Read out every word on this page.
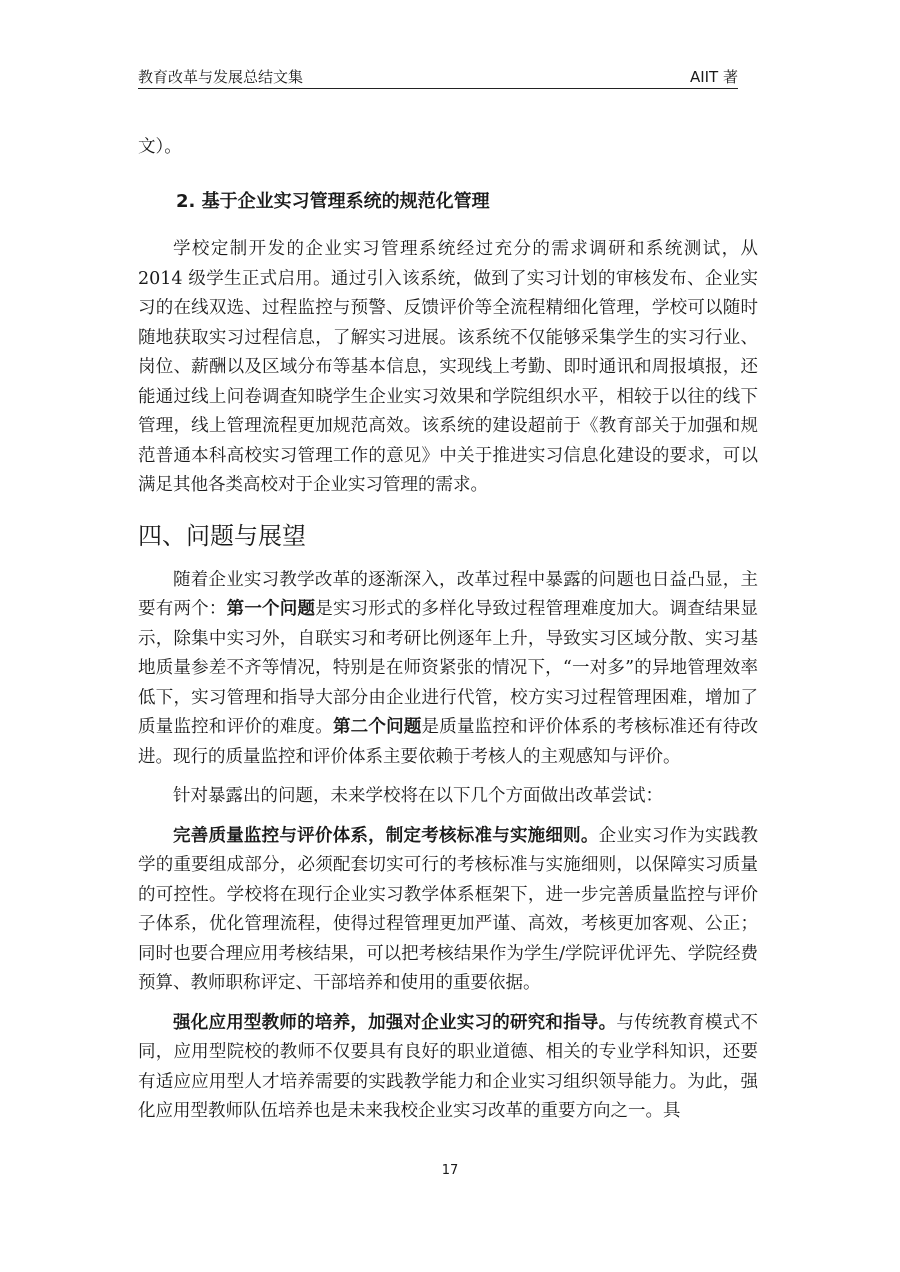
教育改革与发展总结文集	AIIT 著

文）。

2. 基于企业实习管理系统的规范化管理

学校定制开发的企业实习管理系统经过充分的需求调研和系统测试，从2014 级学生正式启用。通过引入该系统，做到了实习计划的审核发布、企业实习的在线双选、过程监控与预警、反馈评价等全流程精细化管理，学校可以随时随地获取实习过程信息，了解实习进展。该系统不仅能够采集学生的实习行业、岗位、薪酬以及区域分布等基本信息，实现线上考勤、即时通讯和周报填报，还能通过线上问卷调查知晓学生企业实习效果和学院组织水平，相较于以往的线下管理，线上管理流程更加规范高效。该系统的建设超前于《教育部关于加强和规范普通本科高校实习管理工作的意见》中关于推进实习信息化建设的要求，可以满足其他各类高校对于企业实习管理的需求。

四、问题与展望

随着企业实习教学改革的逐渐深入，改革过程中暴露的问题也日益凸显，主要有两个：第一个问题是实习形式的多样化导致过程管理难度加大。调查结果显示，除集中实习外，自联实习和考研比例逐年上升，导致实习区域分散、实习基地质量参差不齐等情况，特别是在师资紧张的情况下，“一对多”的异地管理效率低下，实习管理和指导大部分由企业进行代管，校方实习过程管理困难，增加了质量监控和评价的难度。第二个问题是质量监控和评价体系的考核标准还有待改进。现行的质量监控和评价体系主要依赖于考核人的主观感知与评价。

针对暴露出的问题，未来学校将在以下几个方面做出改革尝试：

完善质量监控与评价体系，制定考核标准与实施细则。企业实习作为实践教学的重要组成部分，必须配套切实可行的考核标准与实施细则，以保障实习质量的可控性。学校将在现行企业实习教学体系框架下，进一步完善质量监控与评价子体系，优化管理流程，使得过程管理更加严谨、高效，考核更加客观、公正；同时也要合理应用考核结果，可以把考核结果作为学生/学院评优评先、学院经费预算、教师职称评定、干部培养和使用的重要依据。

强化应用型教师的培养，加强对企业实习的研究和指导。与传统教育模式不同，应用型院校的教师不仅要具有良好的职业道德、相关的专业学科知识，还要有适应应用型人才培养需要的实践教学能力和企业实习组织领导能力。为此，强化应用型教师队伍培养也是未来我校企业实习改革的重要方向之一。具

17
